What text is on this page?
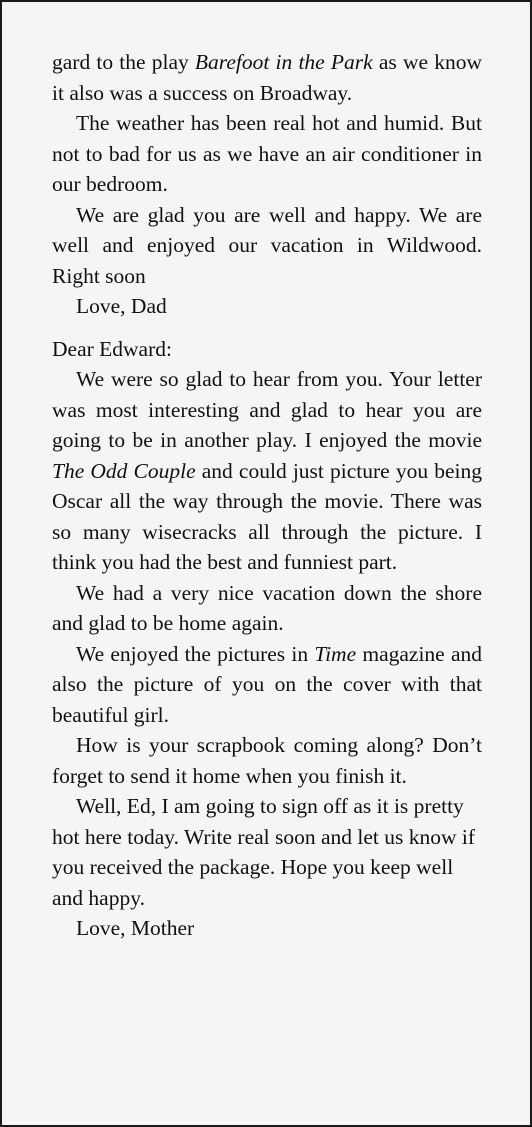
gard to the play Barefoot in the Park as we know it also was a success on Broadway.

The weather has been real hot and humid. But not to bad for us as we have an air conditioner in our bedroom.

We are glad you are well and happy. We are well and enjoyed our vacation in Wildwood. Right soon

Love, Dad

Dear Edward:

We were so glad to hear from you. Your letter was most interesting and glad to hear you are going to be in another play. I enjoyed the movie The Odd Couple and could just picture you being Oscar all the way through the movie. There was so many wisecracks all through the picture. I think you had the best and funniest part.

We had a very nice vacation down the shore and glad to be home again.

We enjoyed the pictures in Time magazine and also the picture of you on the cover with that beautiful girl.

How is your scrapbook coming along? Don’t forget to send it home when you finish it.

Well, Ed, I am going to sign off as it is pretty hot here today. Write real soon and let us know if you received the package. Hope you keep well and happy.

Love, Mother
